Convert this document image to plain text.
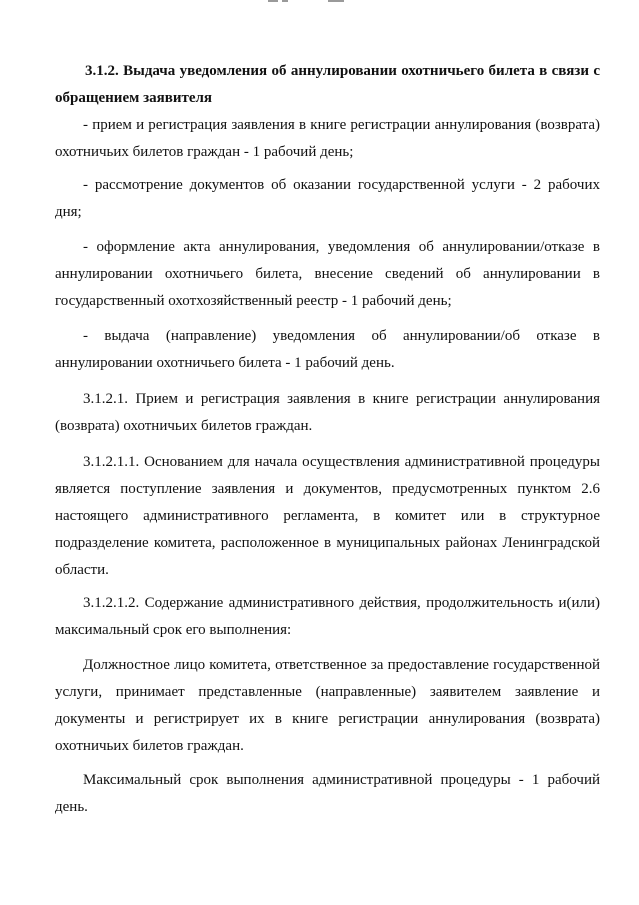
3.1.2. Выдача уведомления об аннулировании охотничьего билета в связи с обращением заявителя

- прием и регистрация заявления в книге регистрации аннулирования (возврата) охотничьих билетов граждан - 1 рабочий день;

- рассмотрение документов об оказании государственной услуги - 2 рабочих дня;

- оформление акта аннулирования, уведомления об аннулировании/отказе в аннулировании охотничьего билета, внесение сведений об аннулировании в государственный охотхозяйственный реестр - 1 рабочий день;

- выдача (направление) уведомления об аннулировании/об отказе в аннулировании охотничьего билета - 1 рабочий день.

3.1.2.1. Прием и регистрация заявления в книге регистрации аннулирования (возврата) охотничьих билетов граждан.

3.1.2.1.1. Основанием для начала осуществления административной процедуры является поступление заявления и документов, предусмотренных пунктом 2.6 настоящего административного регламента, в комитет или в структурное подразделение комитета, расположенное в муниципальных районах Ленинградской области.

3.1.2.1.2. Содержание административного действия, продолжительность и(или) максимальный срок его выполнения:

Должностное лицо комитета, ответственное за предоставление государственной услуги, принимает представленные (направленные) заявителем заявление и документы и регистрирует их в книге регистрации аннулирования (возврата) охотничьих билетов граждан.

Максимальный срок выполнения административной процедуры - 1 рабочий день.
